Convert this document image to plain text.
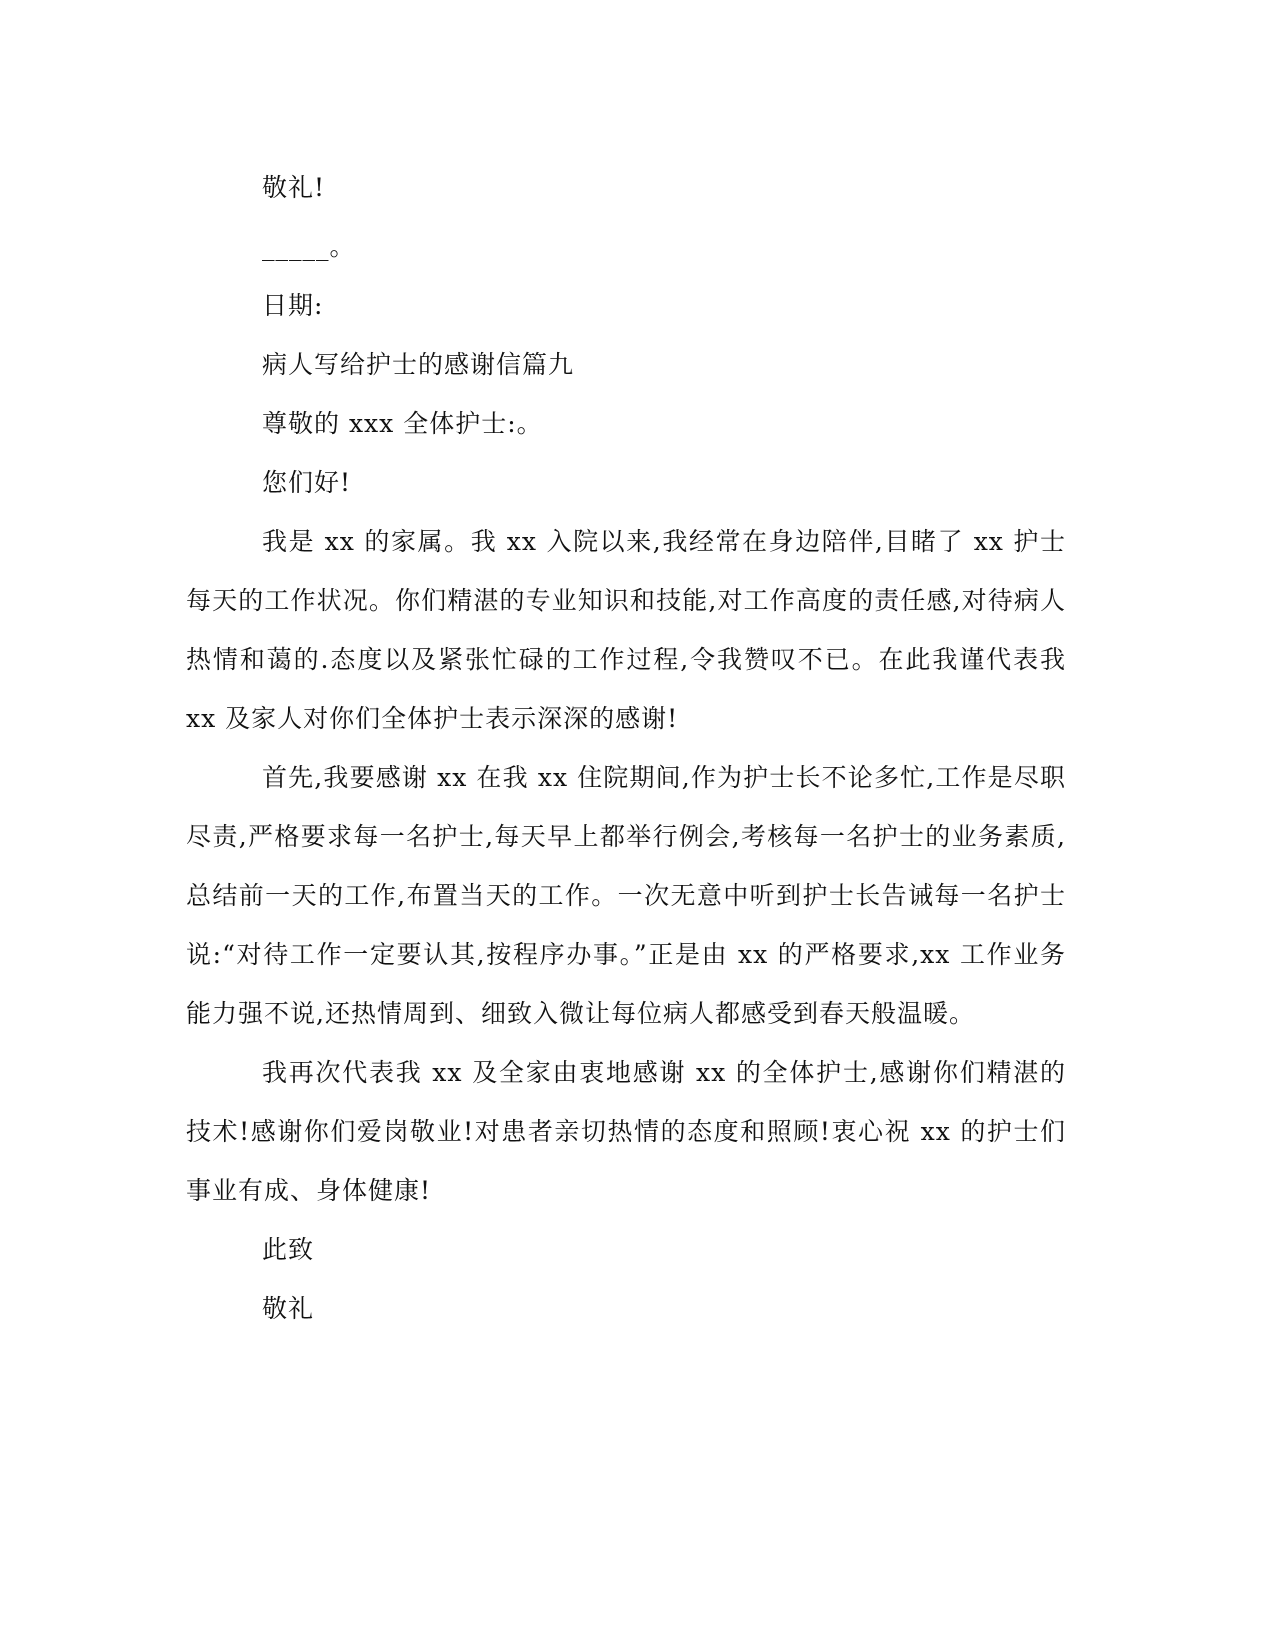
敬礼!

_____。

日期:

病人写给护士的感谢信篇九

尊敬的 xxx 全体护士:。

您们好!

我是 xx 的家属。我 xx 入院以来,我经常在身边陪伴,目睹了 xx 护士每天的工作状况。你们精湛的专业知识和技能,对工作高度的责任感,对待病人热情和蔼的.态度以及紧张忙碌的工作过程,令我赞叹不已。在此我谨代表我 xx 及家人对你们全体护士表示深深的感谢!

首先,我要感谢 xx 在我 xx 住院期间,作为护士长不论多忙,工作是尽职尽责,严格要求每一名护士,每天早上都举行例会,考核每一名护士的业务素质,总结前一天的工作,布置当天的工作。一次无意中听到护士长告诫每一名护士说:“对待工作一定要认其,按程序办事。”正是由 xx 的严格要求,xx 工作业务能力强不说,还热情周到、细致入微让每位病人都感受到春天般温暖。

我再次代表我 xx 及全家由衷地感谢 xx 的全体护士,感谢你们精湛的技术!感谢你们爱岗敬业!对患者亲切热情的态度和照顾!衷心祝 xx 的护士们事业有成、身体健康!

此致

敬礼
